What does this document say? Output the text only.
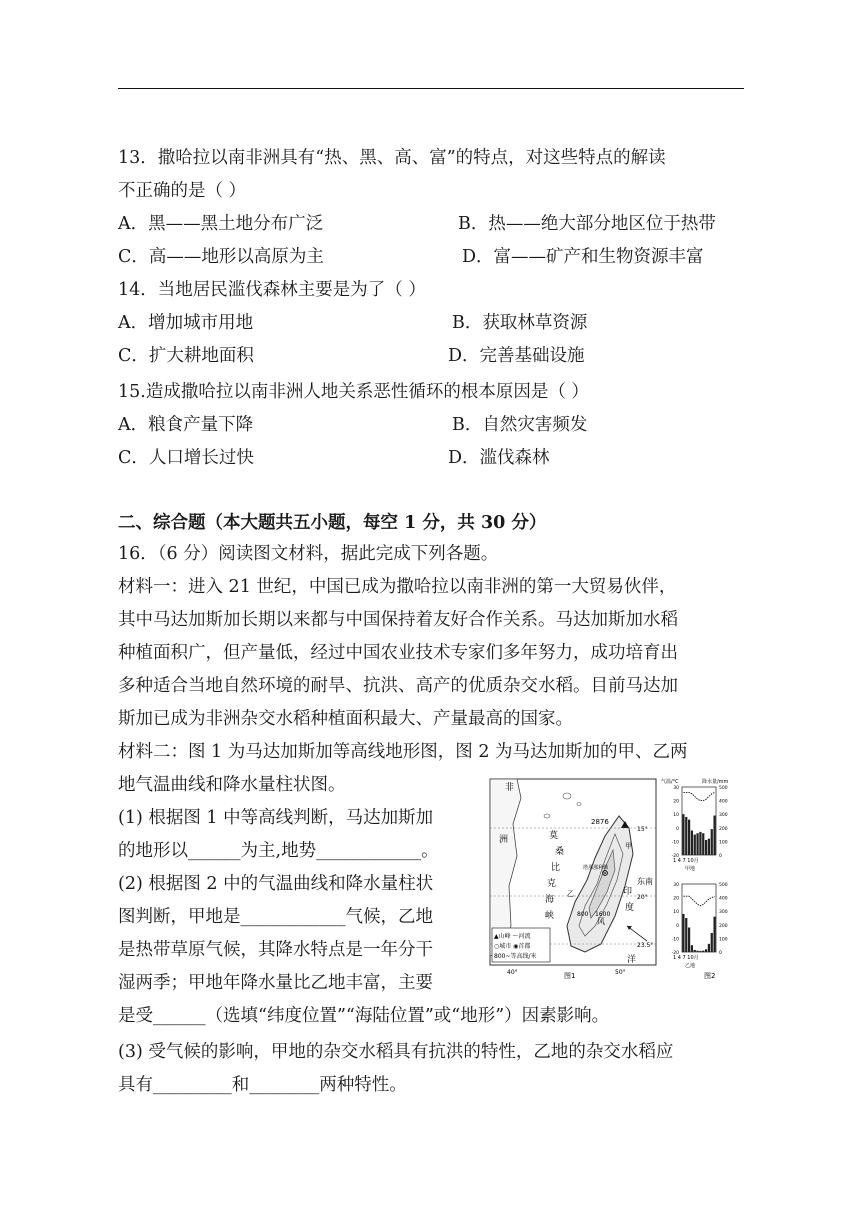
13．撒哈拉以南非洲具有“热、黑、高、富”的特点，对这些特点的解读
不正确的是（ ）
A．黑——黑土地分布广泛	B．热——绝大部分地区位于热带
C．高——地形以高原为主	D．富——矿产和生物资源丰富
14．当地居民滥伐森林主要是为了（ ）
A．增加城市用地	B．获取林草资源
C．扩大耕地面积	D．完善基础设施
15.造成撒哈拉以南非洲人地关系恶性循环的根本原因是（ ）
A．粮食产量下降	B．自然灾害频发
C．人口增长过快	D．滥伐森林
二、综合题（本大题共五小题，每空 1 分，共 30 分）
16．（6 分）阅读图文材料，据此完成下列各题。
材料一：进入 21 世纪，中国已成为撒哈拉以南非洲的第一大贸易伙伴，
其中马达加斯加长期以来都与中国保持着友好合作关系。马达加斯加水稻
种植面积广，但产量低，经过中国农业技术专家们多年努力，成功培育出
多种适合当地自然环境的耐旱、抗洪、高产的优质杂交水稻。目前马达加
斯加已成为非洲杂交水稻种植面积最大、产量最高的国家。
材料二：图 1 为马达加斯加等高线地形图，图 2 为马达加斯加的甲、乙两
地气温曲线和降水量柱状图。
(1) 根据图 1 中等高线判断，马达加斯加
的地形以______为主,地势____________。
(2) 根据图 2 中的气温曲线和降水量柱状
图判断，甲地是____________气候，乙地
是热带草原气候，其降水特点是一年分干
湿两季；甲地年降水量比乙地丰富，主要
是受______（选填“纬度位置”“海陆位置”或“地形”）因素影响。
(3) 受气候的影响，甲地的杂交水稻具有抗洪的特性，乙地的杂交水稻应
具有_________和________两种特性。
▲山峰 ～河流
○城市 ◉首都
800~等高线/米
非
洲
2876
15°
20°
23.5°
40°	50°
莫
桑
比
克
海
峡
印
度
洋
风
东南
塔那那利佛
800 1600
甲
乙
图1
气温/°C	降水量/mm
甲地
乙地
1 4 7 10月
1 4 7 10月
图2
30
20
10
0
-10
-20
500
400
300
200
100
0
30
20
10
0
-10
-20
500
400
300
200
100
0
